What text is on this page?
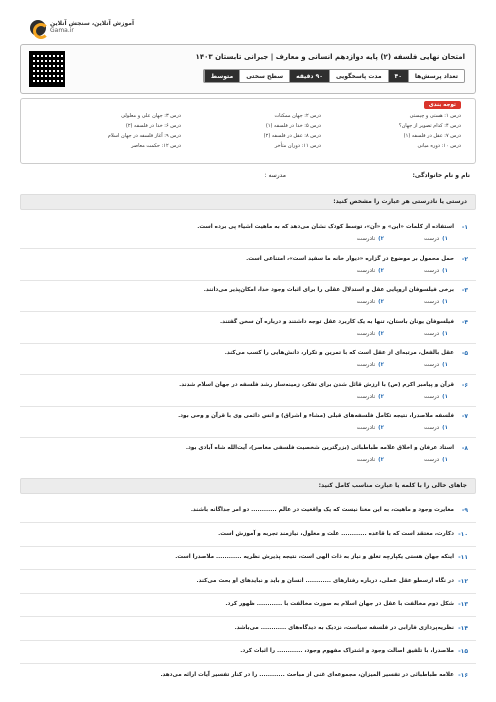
آموزش آنلاین، سنجش آنلاین
Gama.ir
امتحان نهایی فلسفه (۲) پایه دوازدهم انسانی و معارف | جبرانی تابستان ۱۴۰۳
تعداد پرسش‌ها
۴۰
مدت پاسخگویی
۹۰ دقیقه
سطح سختی
متوسط
توجه بندی
درس ۱: هستی و چیستی
درس ۲: جهان ممکنات
درس ۳: جهان علی و معلولی
درس ۴: کدام تصویر از جهان؟
درس ۵: خدا در فلسفه (۱)
درس ۶: خدا در فلسفه (۲)
درس ۷: عقل در فلسفه (۱)
درس ۸: عقل در فلسفه (۲)
درس ۹: آغاز فلسفه در جهان اسلام
درس ۱۰: دوره میانی
درس ۱۱: دوران متأخر
درس ۱۲: حکمت معاصر
نام و نام خانوادگی:
مدرسه :
درستی یا نادرستی هر عبارت را مشخص کنید:
۱-
استفاده از کلمات «این» و «آن»، توسط کودک نشان می‌دهد که به ماهیت اشیاء پی برده است.
۱)درست
۲)نادرست
۲-
حمل محمول بر موضوع در گزاره «دیوار خانه ما سفید است»، امتناعی است.
۱)درست
۲)نادرست
۳-
برخی فیلسوفان اروپایی عقل و استدلال عقلی را برای اثبات وجود خدا، امکان‌پذیر می‌دانند.
۱)درست
۲)نادرست
۴-
فیلسوفان یونان باستان، تنها به یک کاربرد عقل توجه داشتند و درباره آن سخن گفتند.
۱)درست
۲)نادرست
۵-
عقل بالفعل، مرتبه‌ای از عقل است که با تمرین و تکرار، دانش‌هایی را کسب می‌کند.
۱)درست
۲)نادرست
۶-
قرآن و پیامبر اکرم (ص) با ارزش قائل شدن برای تفکر، زمینه‌ساز رشد فلسفه در جهان اسلام شدند.
۱)درست
۲)نادرست
۷-
فلسفه ملاصدرا، نتیجه تکامل فلسفه‌های قبلی (مشاء و اشراق) و انس دائمی وی با قرآن و وحی بود.
۱)درست
۲)نادرست
۸-
استاد عرفان و اخلاق علامه طباطبائی (بزرگترین شخصیت فلسفی معاصر)، آیت‌الله شاه آبادی بود.
۱)درست
۲)نادرست
جاهای خالی را با کلمه یا عبارت مناسب کامل کنید:
۹-
مغایرت وجود و ماهیت، به این معنا نیست که یک واقعیت در عالم ............ دو امر جداگانه باشند.
۱۰-
دکارت، معتقد است که با قاعده ............ علت و معلول، نیازمند تجربه و آموزش است.
۱۱-
اینکه جهان هستی یکپارچه تعلق و نیاز به ذات الهی است، نتیجه پذیرش نظریه ............ ملاصدرا است.
۱۲-
در نگاه ارسطو عقل عملی، درباره رفتارهای ............ انسان و باید و نبایدهای او بحث می‌کند.
۱۳-
شکل دوم مخالفت با عقل در جهان اسلام به صورت مخالفت با ............ ظهور کرد.
۱۴-
نظریه‌پردازی فارابی در فلسفه سیاست، نزدیک به دیدگاه‌های ............ می‌باشد.
۱۵-
ملاصدرا، با تلفیق اصالت وجود و اشتراک مفهوم وجود، ............ را اثبات کرد.
۱۶-
علامه طباطبائی در تفسیر المیزان، مجموعه‌ای غنی از مباحث ............ را در کنار تفسیر آیات ارائه می‌دهد.
